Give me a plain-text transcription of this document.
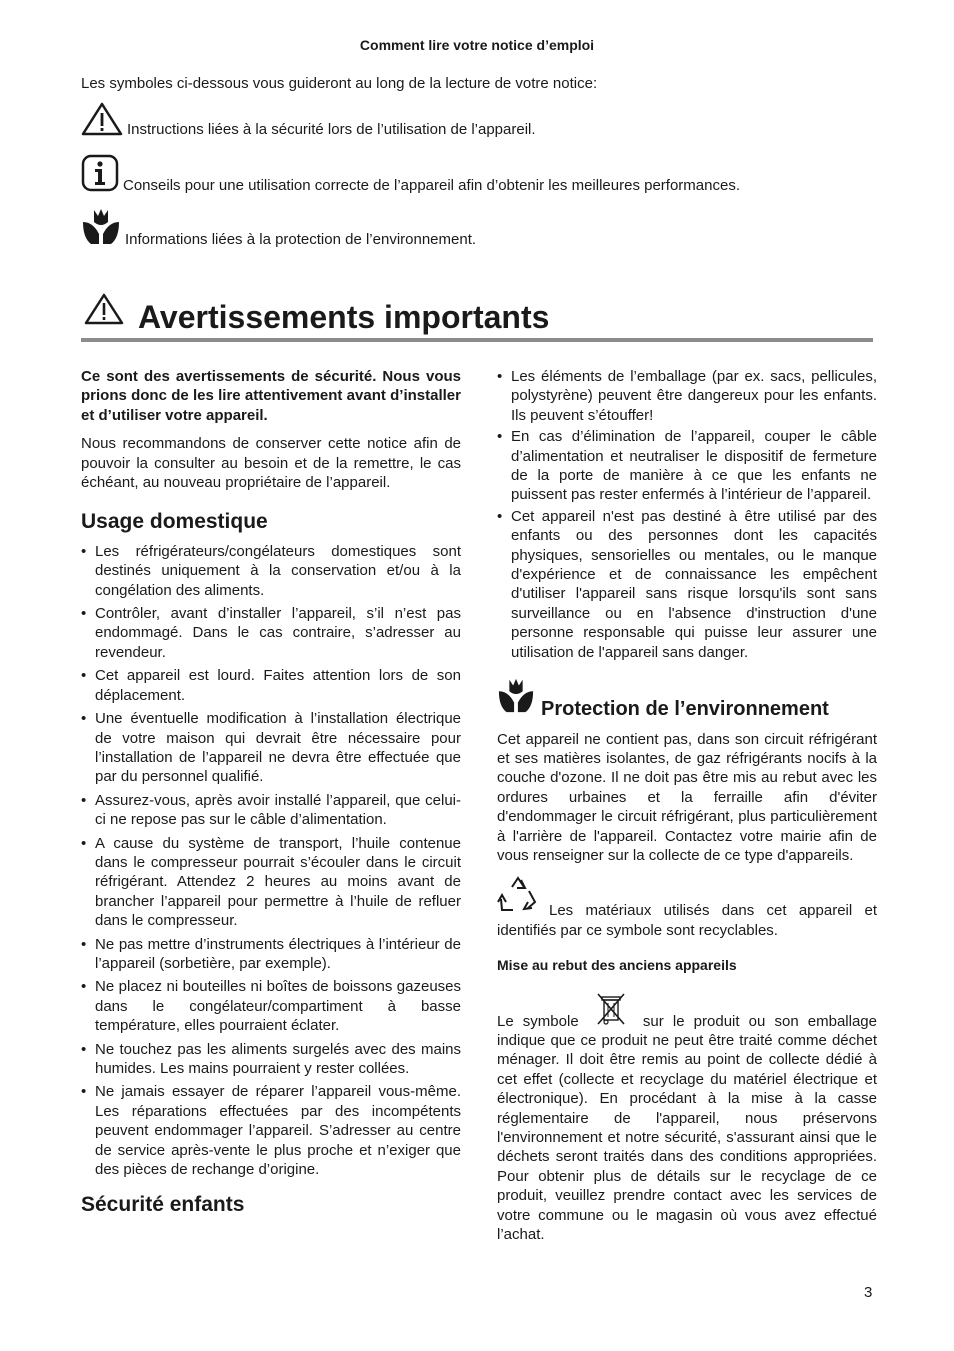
Comment lire votre notice d’emploi
Les symboles ci-dessous vous guideront au long de la lecture de votre notice:
Instructions liées à la sécurité lors de l’utilisation de l’appareil.
Conseils pour une utilisation correcte de l’appareil afin d’obtenir les meilleures performances.
Informations liées à la protection de l’environnement.
Avertissements importants

Ce sont des avertissements de sécurité. Nous vous prions donc de les lire attentivement avant d’installer et d’utiliser votre appareil.

Nous recommandons de conserver cette notice afin de pouvoir la consulter au besoin et de la remettre, le cas échéant, au nouveau propriétaire de l’appareil.

Usage domestique
• Les réfrigérateurs/congélateurs domestiques sont destinés uniquement à la conservation et/ou à la congélation des aliments.
• Contrôler, avant d’installer l’appareil, s’il n’est pas endommagé. Dans le cas contraire, s’adresser au revendeur.
• Cet appareil est lourd. Faites attention lors de son déplacement.
• Une éventuelle modification à l’installation électrique de votre maison qui devrait être nécessaire pour l’installation de l’appareil ne devra être effectuée que par du personnel qualifié.
• Assurez-vous, après avoir installé l’appareil, que celui-ci ne repose pas sur le câble d’alimentation.
• A cause du système de transport, l’huile contenue dans le compresseur pourrait s’écouler dans le circuit réfrigérant. Attendez 2 heures au moins avant de brancher l’appareil pour permettre à l’huile de refluer dans le compresseur.
• Ne pas mettre d’instruments électriques à l’intérieur de l’appareil (sorbetière, par exemple).
• Ne placez ni bouteilles ni boîtes de boissons gazeuses dans le congélateur/compartiment à basse température, elles pourraient éclater.
• Ne touchez pas les aliments surgelés avec des mains humides. Les mains pourraient y rester collées.
• Ne jamais essayer de réparer l’appareil vous-même. Les réparations effectuées par des incompétents peuvent endommager l’appareil. S’adresser au centre de service après-vente le plus proche et n’exiger que des pièces de rechange d’origine.
Sécurité enfants
• Les éléments de l’emballage (par ex. sacs, pellicules, polystyrène) peuvent être dangereux pour les enfants. Ils peuvent s’étouffer!
• En cas d’élimination de l’appareil, couper le câble d’alimentation et neutraliser le dispositif de fermeture de la porte de manière à ce que les enfants ne puissent pas rester enfermés à l’intérieur de l’appareil.
• Cet appareil n'est pas destiné à être utilisé par des enfants ou des personnes dont les capacités physiques, sensorielles ou mentales, ou le manque d'expérience et de connaissance les empêchent d'utiliser l'appareil sans risque lorsqu'ils sont sans surveillance ou en l'absence d'instruction d'une personne responsable qui puisse leur assurer une utilisation de l'appareil sans danger.
Protection de l’environnement

Cet appareil ne contient pas, dans son circuit réfrigérant et ses matières isolantes, de gaz réfrigérants nocifs à la couche d'ozone. Il ne doit pas être mis au rebut avec les ordures urbaines et la ferraille afin d'éviter d'endommager le circuit réfrigérant, plus particulièrement à l'arrière de l'appareil. Contactez votre mairie afin de vous renseigner sur la collecte de ce type d'appareils.

Les matériaux utilisés dans cet appareil et identifiés par ce symbole sont recyclables.

Mise au rebut des anciens appareils

Le symbole	sur le produit ou son emballage indique que ce produit ne peut être traité comme déchet ménager. Il doit être remis au point de collecte dédié à cet effet (collecte et recyclage du matériel électrique et électronique). En procédant à la mise à la casse réglementaire de l'appareil, nous préservons l'environnement et notre sécurité, s'assurant ainsi que le déchets seront traités dans des conditions appropriées. Pour obtenir plus de détails sur le recyclage de ce produit, veuillez prendre contact avec les services de votre commune ou le magasin où vous avez effectué l’achat.

3
